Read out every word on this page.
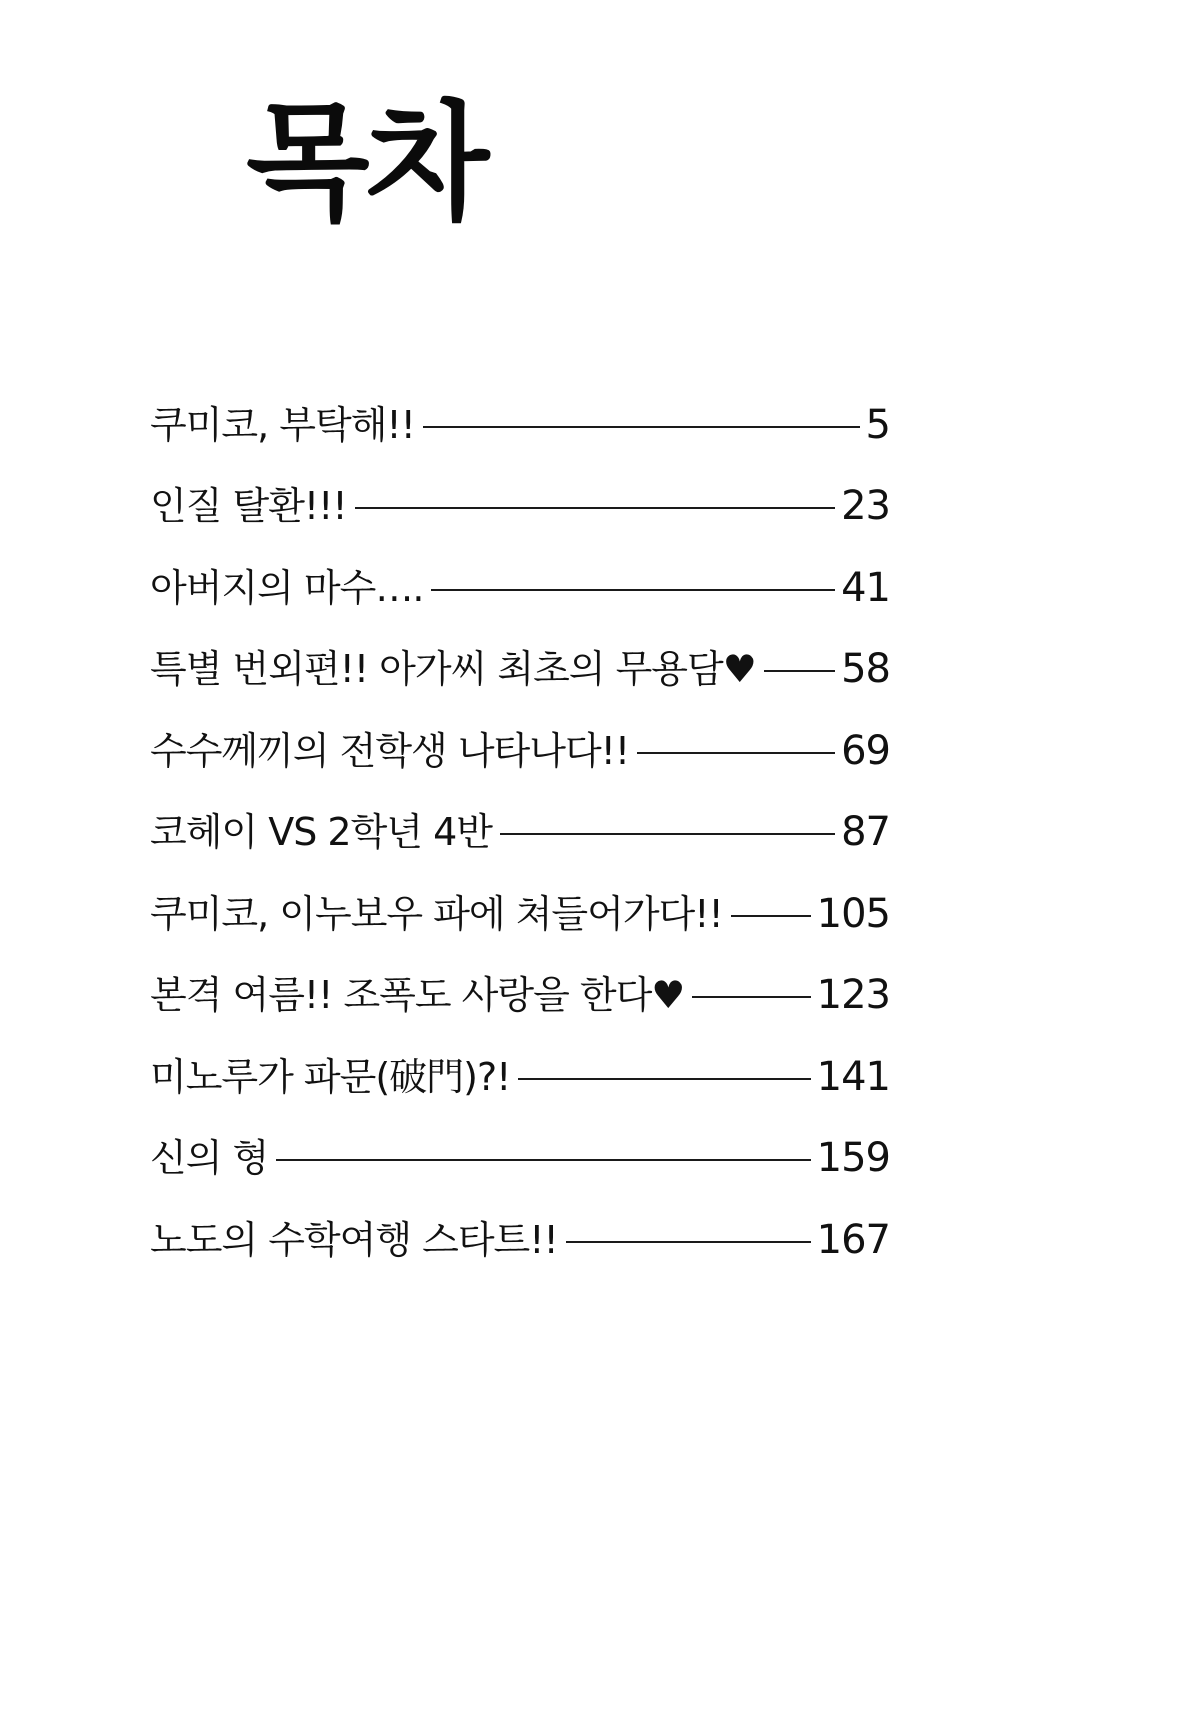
목차
쿠미코, 부탁해!!	5
인질 탈환!!!	23
아버지의 마수….	41
특별 번외편!! 아가씨 최초의 무용담♥ 58
수수께끼의 전학생 나타나다!!	69
코헤이 VS 2학년 4반	87
쿠미코, 이누보우 파에 쳐들어가다!! 105
본격 여름!! 조폭도 사랑을 한다♥	123
미노루가 파문(破門)?!	141
신의 형	159
노도의 수학여행 스타트!!	167
